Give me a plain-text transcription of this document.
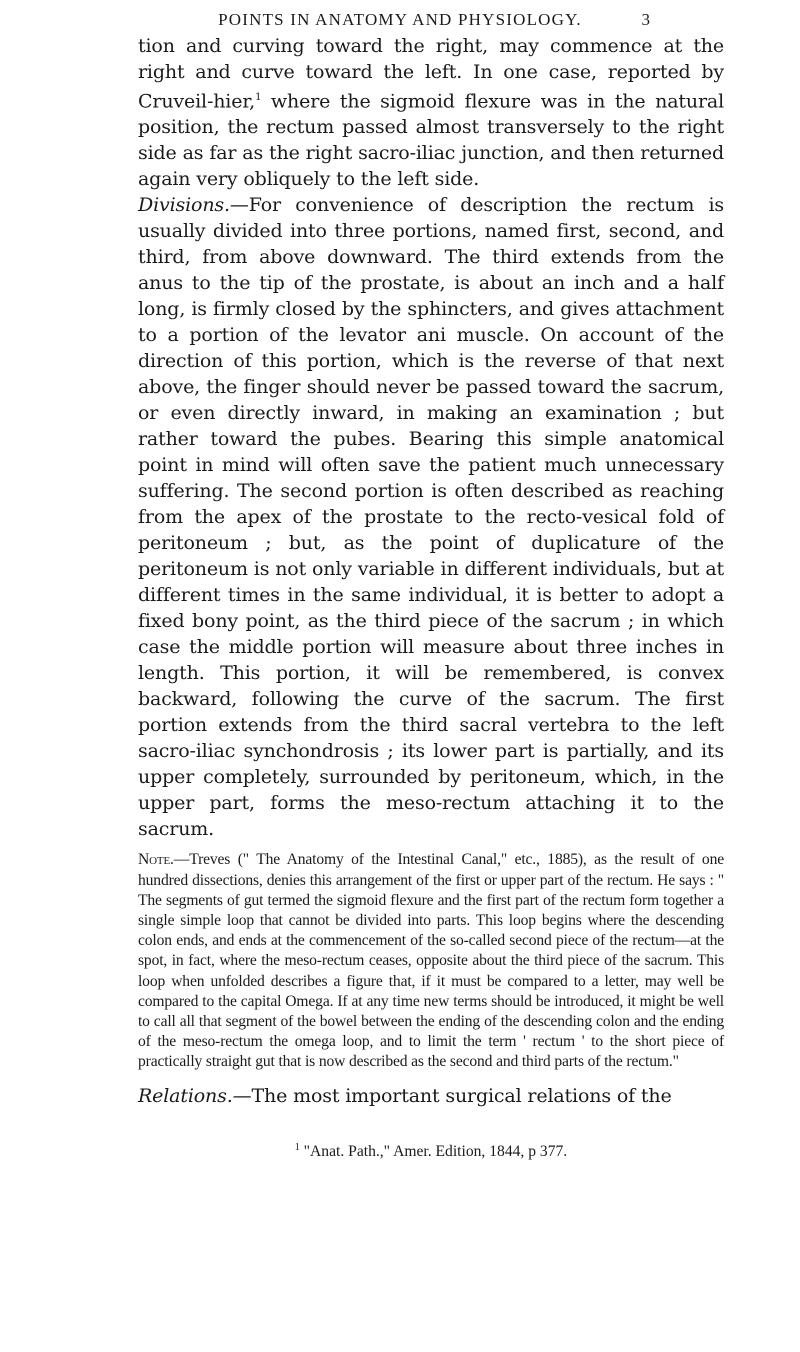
POINTS IN ANATOMY AND PHYSIOLOGY.	3

tion and curving toward the right, may commence at the right and curve toward the left. In one case, reported by Cruveil-hier,$^1$ where the sigmoid flexure was in the natural position, the rectum passed almost transversely to the right side as far as the right sacro-iliac junction, and then returned again very obliquely to the left side.

Divisions.—For convenience of description the rectum is usually divided into three portions, named first, second, and third, from above downward. The third extends from the anus to the tip of the prostate, is about an inch and a half long, is firmly closed by the sphincters, and gives attachment to a portion of the levator ani muscle. On account of the direction of this portion, which is the reverse of that next above, the finger should never be passed toward the sacrum, or even directly inward, in making an examination ; but rather toward the pubes. Bearing this simple anatomical point in mind will often save the patient much unnecessary suffering. The second portion is often described as reaching from the apex of the prostate to the recto-vesical fold of peritoneum ; but, as the point of duplicature of the peritoneum is not only variable in different individuals, but at different times in the same individual, it is better to adopt a fixed bony point, as the third piece of the sacrum ; in which case the middle portion will measure about three inches in length. This portion, it will be remembered, is convex backward, following the curve of the sacrum. The first portion extends from the third sacral vertebra to the left sacro-iliac synchondrosis ; its lower part is partially, and its upper completely, surrounded by peritoneum, which, in the upper part, forms the meso-rectum attaching it to the sacrum.

Note.—Treves (" The Anatomy of the Intestinal Canal," etc., 1885), as the result of one hundred dissections, denies this arrangement of the first or upper part of the rectum. He says : " The segments of gut termed the sigmoid flexure and the first part of the rectum form together a single simple loop that cannot be divided into parts. This loop begins where the descending colon ends, and ends at the commencement of the so-called second piece of the rectum—at the spot, in fact, where the meso-rectum ceases, opposite about the third piece of the sacrum. This loop when unfolded describes a figure that, if it must be compared to a letter, may well be compared to the capital Omega. If at any time new terms should be introduced, it might be well to call all that segment of the bowel between the ending of the descending colon and the ending of the meso-rectum the omega loop, and to limit the term ' rectum ' to the short piece of practically straight gut that is now described as the second and third parts of the rectum."

Relations.—The most important surgical relations of the

$^1$ "Anat. Path.," Amer. Edition, 1844, p 377.
